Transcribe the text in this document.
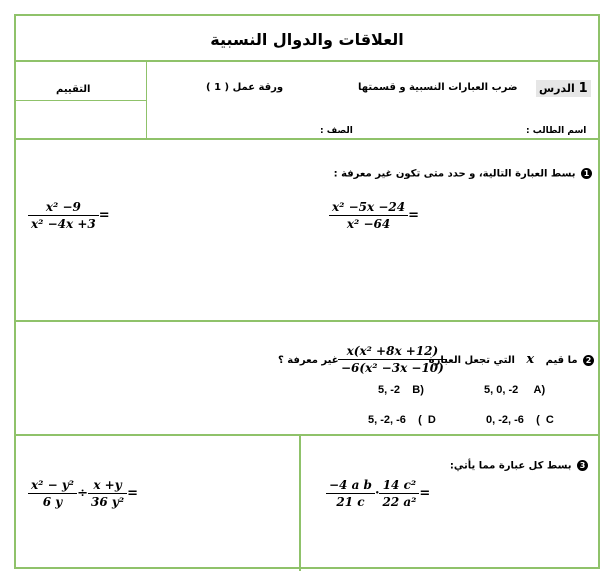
العلاقات والدوال النسبية
التقييم	ورقة عمل ( 1 )	ضرب العبارات النسبية و قسمتها	1 الدرس
اسم الطالب :
الصف :
1 بسط العبارة التالية، و حدد متى تكون غير معرفة :
$\frac{\text{x² −5x −24}}{\text{x² −64}}$ =
$\frac{\text{x² −9}}{\text{x² −4x +3}}$ =
2 ما قيم x التي تجعل العبارة
$\frac{\text{x(x² +8x +12)}}{\text{−6(x² −3x −10)}}$
غير معرفة ؟
5, 0, -2 A)
5, -2 B)
0, -2, -6    (  C
5, -2, -6    (  D
3 بسط كل عبارة مما يأتي:
$\frac{\text{−4 a b}}{21 c} \cdot \frac{\text{14 c²}}{\text{22 a²}}$ =
$\frac{\text{x² − y²}}{6 y} \div \frac{x +y}{\text{36 y²}}$ =
